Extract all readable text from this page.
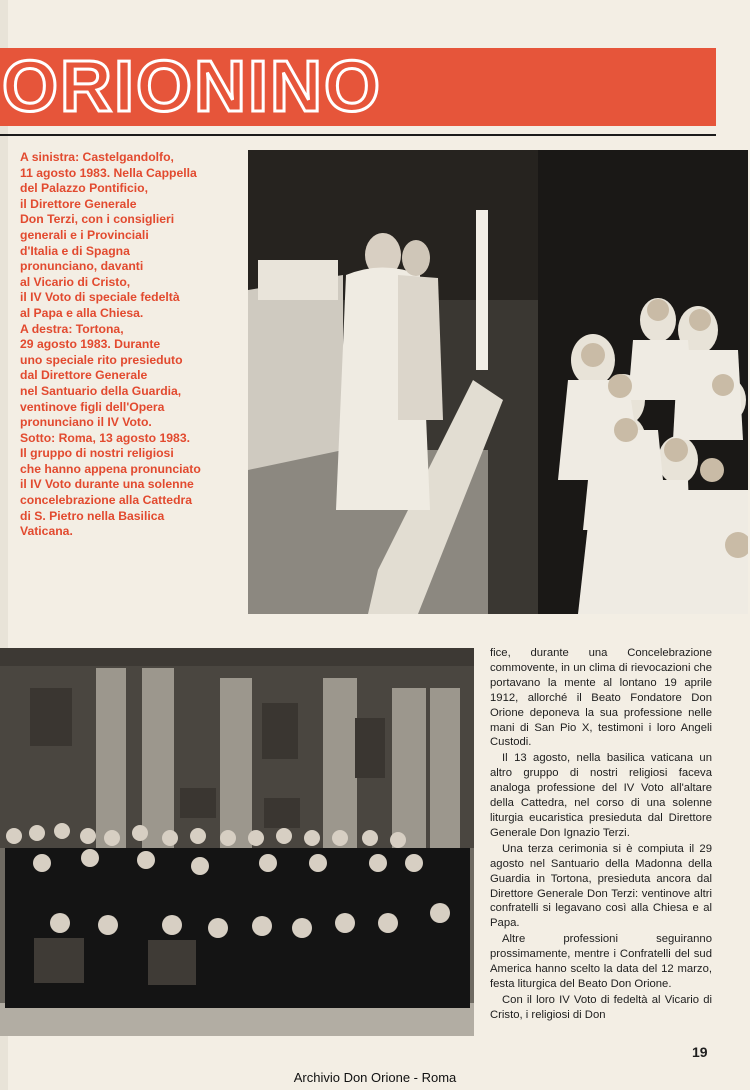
ORIONINO
A sinistra: Castelgandolfo,
11 agosto 1983. Nella Cappella
del Palazzo Pontificio,
il Direttore Generale
Don Terzi, con i consiglieri
generali e i Provinciali
d'Italia e di Spagna
pronunciano, davanti
al Vicario di Cristo,
il IV Voto di speciale fedeltà
al Papa e alla Chiesa.
A destra: Tortona,
29 agosto 1983. Durante
uno speciale rito presieduto
dal Direttore Generale
nel Santuario della Guardia,
ventinove figli dell'Opera
pronunciano il IV Voto.
Sotto: Roma, 13 agosto 1983.
Il gruppo di nostri religiosi
che hanno appena pronunciato
il IV Voto durante una solenne
concelebrazione alla Cattedra
di S. Pietro nella Basilica
Vaticana.

fice, durante una Concelebrazione commovente, in un clima di rievocazioni che portavano la mente al lontano 19 aprile 1912, allorché il Beato Fondatore Don Orione deponeva la sua professione nelle mani di San Pio X, testimoni i loro Angeli Custodi.

Il 13 agosto, nella basilica vaticana un altro gruppo di nostri religiosi faceva analoga professione del IV Voto all'altare della Cattedra, nel corso di una solenne liturgia eucaristica presieduta dal Direttore Generale Don Ignazio Terzi.

Una terza cerimonia si è compiuta il 29 agosto nel Santuario della Madonna della Guardia in Tortona, presieduta ancora dal Direttore Generale Don Terzi: ventinove altri confratelli si legavano così alla Chiesa e al Papa.

Altre professioni seguiranno prossimamente, mentre i Confratelli del sud America hanno scelto la data del 12 marzo, festa liturgica del Beato Don Orione.

Con il loro IV Voto di fedeltà al Vicario di Cristo, i religiosi di Don

19
Archivio Don Orione - Roma
